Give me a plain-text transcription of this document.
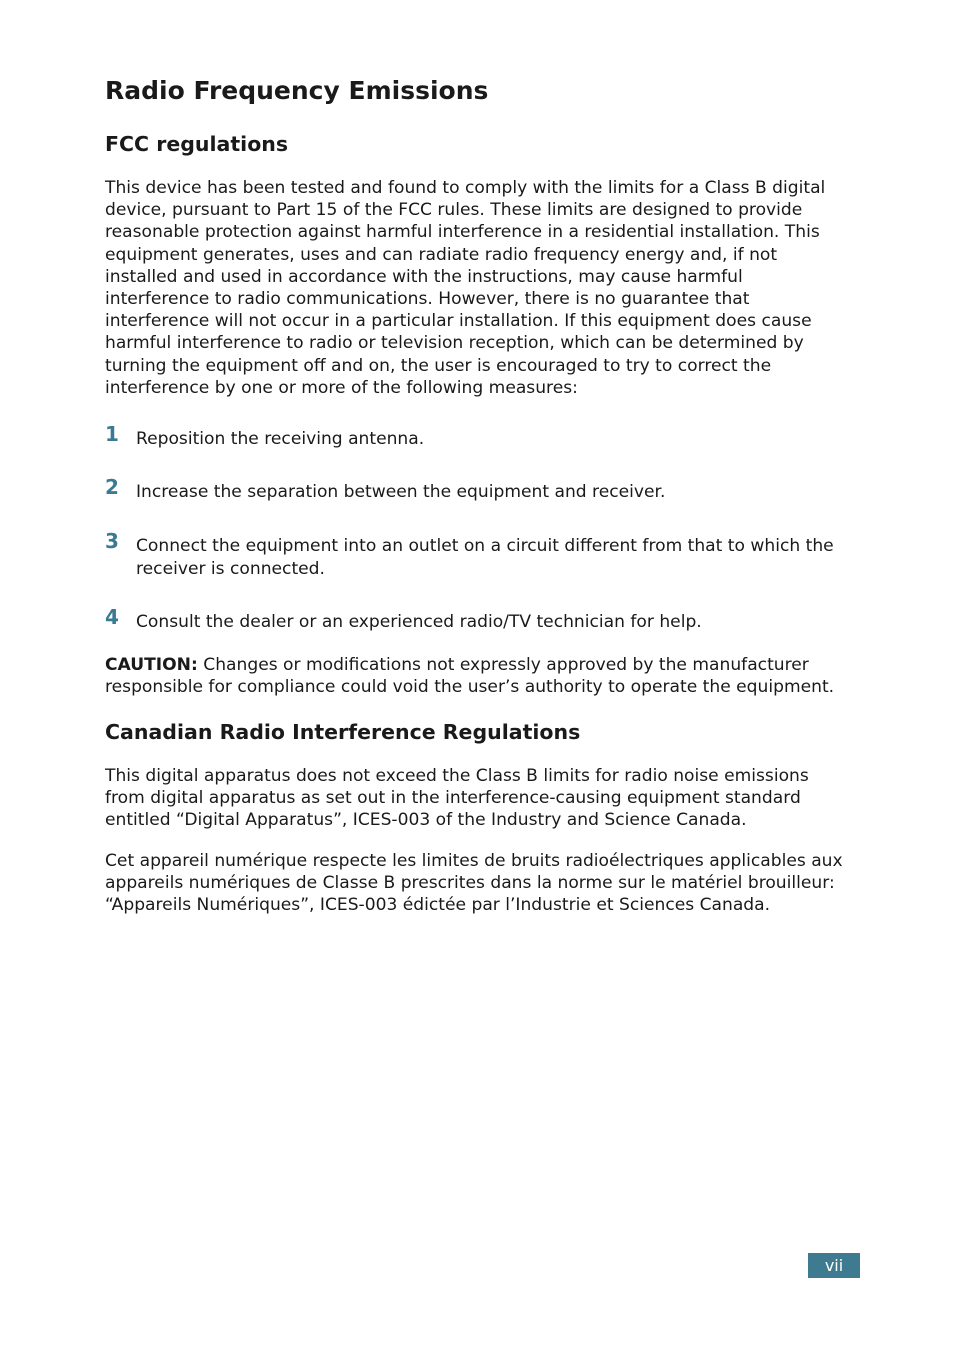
Radio Frequency Emissions
FCC regulations

This device has been tested and found to comply with the limits for a Class B digital
device, pursuant to Part 15 of the FCC rules. These limits are designed to provide
reasonable protection against harmful interference in a residential installation. This
equipment generates, uses and can radiate radio frequency energy and, if not
installed and used in accordance with the instructions, may cause harmful
interference to radio communications. However, there is no guarantee that
interference will not occur in a particular installation. If this equipment does cause
harmful interference to radio or television reception, which can be determined by
turning the equipment off and on, the user is encouraged to try to correct the
interference by one or more of the following measures:

1 Reposition the receiving antenna.
2 Increase the separation between the equipment and receiver.
3 Connect the equipment into an outlet on a circuit different from that to which the
receiver is connected.
4 Consult the dealer or an experienced radio/TV technician for help.

CAUTION: Changes or modifications not expressly approved by the manufacturer
responsible for compliance could void the user’s authority to operate the equipment.

Canadian Radio Interference Regulations

This digital apparatus does not exceed the Class B limits for radio noise emissions
from digital apparatus as set out in the interference-causing equipment standard
entitled “Digital Apparatus”, ICES-003 of the Industry and Science Canada.

Cet appareil numérique respecte les limites de bruits radioélectriques applicables aux
appareils numériques de Classe B prescrites dans la norme sur le matériel brouilleur:
“Appareils Numériques”, ICES-003 édictée par l’Industrie et Sciences Canada.

vii
